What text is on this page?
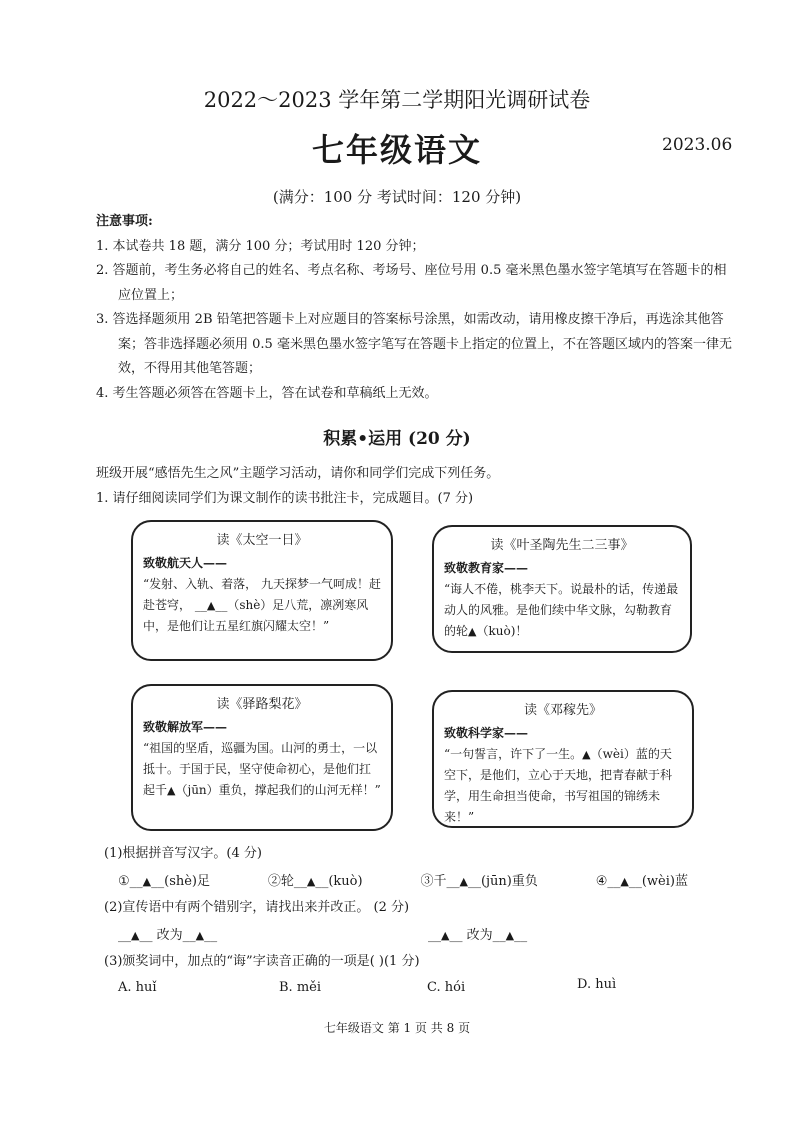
2022～2023 学年第二学期阳光调研试卷
七年级语文	2023.06
(满分：100 分 考试时间：120 分钟)
注意事项:
1. 本试卷共 18 题，满分 100 分；考试用时 120 分钟；
2. 答题前，考生务必将自己的姓名、考点名称、考场号、座位号用 0.5 毫米黑色墨水签字笔填写在答题卡的相应位置上；
3. 答选择题须用 2B 铅笔把答题卡上对应题目的答案标号涂黑，如需改动，请用橡皮擦干净后，再选涂其他答案；答非选择题必须用 0.5 毫米黑色墨水签字笔写在答题卡上指定的位置上，不在答题区域内的答案一律无效，不得用其他笔答题；
4. 考生答题必须答在答题卡上，答在试卷和草稿纸上无效。
积累•运用 (20 分)
班级开展“感悟先生之风”主题学习活动，请你和同学们完成下列任务。
1. 请仔细阅读同学们为课文制作的读书批注卡，完成题目。(7 分)
读《太空一日》
致敬航天人——
“发射、入轨、着落， 九天探梦一气呵成！赶赴苍穹， __▲__（shè）足八荒，凛冽寒风中，是他们让五星红旗闪耀太空！”
读《叶圣陶先生二三事》
致敬教育家——
“诲人不倦，桃李天下。说最朴的话，传递最动人的风雅。是他们续中华文脉，勾勒教育的轮▲（kuò)！
读《驿路梨花》
致敬解放军——
“祖国的坚盾，巡疆为国。山河的勇士，一以抵十。于国于民，坚守使命初心，是他们扛起千▲（jūn）重负，撑起我们的山河无样！”
读《邓稼先》
致敬科学家——
“一句誓言，许下了一生。▲（wèi）蓝的天空下，是他们，立心于天地，把青春献于科学，用生命担当使命，书写祖国的锦绣未来！”
(1)根据拼音写汉字。(4 分)
①__▲__(shè)足	②轮__▲__(kuò)	③千__▲__(jūn)重负	④__▲__(wèi)蓝
(2)宣传语中有两个错别字，请找出来并改正。 (2 分)
__▲__ 改为__▲__	__▲__ 改为__▲__
(3)颁奖词中，加点的“诲”字读音正确的一项是( )(1 分)
A. huǐ	B. měi	C. hói	D. huì
七年级语文 第 1 页 共 8 页
